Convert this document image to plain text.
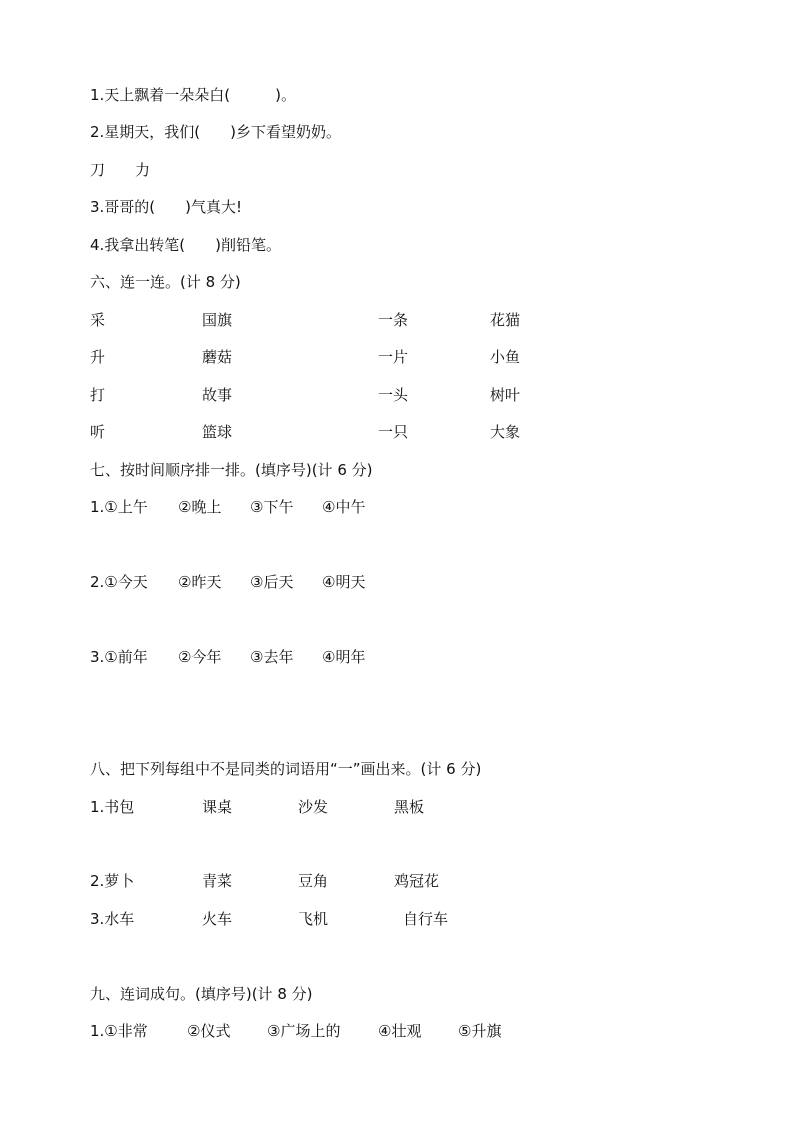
1.天上飘着一朵朵白(　　　)。
2.星期天，我们(　　)乡下看望奶奶。
刀　　力
3.哥哥的(　　)气真大!
4.我拿出转笔(　　)削铅笔。
六、连一连。(计 8 分)
采	国旗	一条	花猫
升	蘑菇	一片	小鱼
打	故事	一头	树叶
听	篮球	一只	大象
七、按时间顺序排一排。(填序号)(计 6 分)
1.①上午 ②晚上 ③下午 ④中午
2.①今天 ②昨天 ③后天 ④明天
3.①前年 ②今年 ③去年 ④明年
八、把下列每组中不是同类的词语用“一”画出来。(计 6 分)
1.书包	课桌	沙发	黑板
2.萝卜	青菜	豆角	鸡冠花
3.水车	火车	飞机	自行车
九、连词成句。(填序号)(计 8 分)
1.①非常	②仪式 ③广场上的	④壮观 ⑤升旗
